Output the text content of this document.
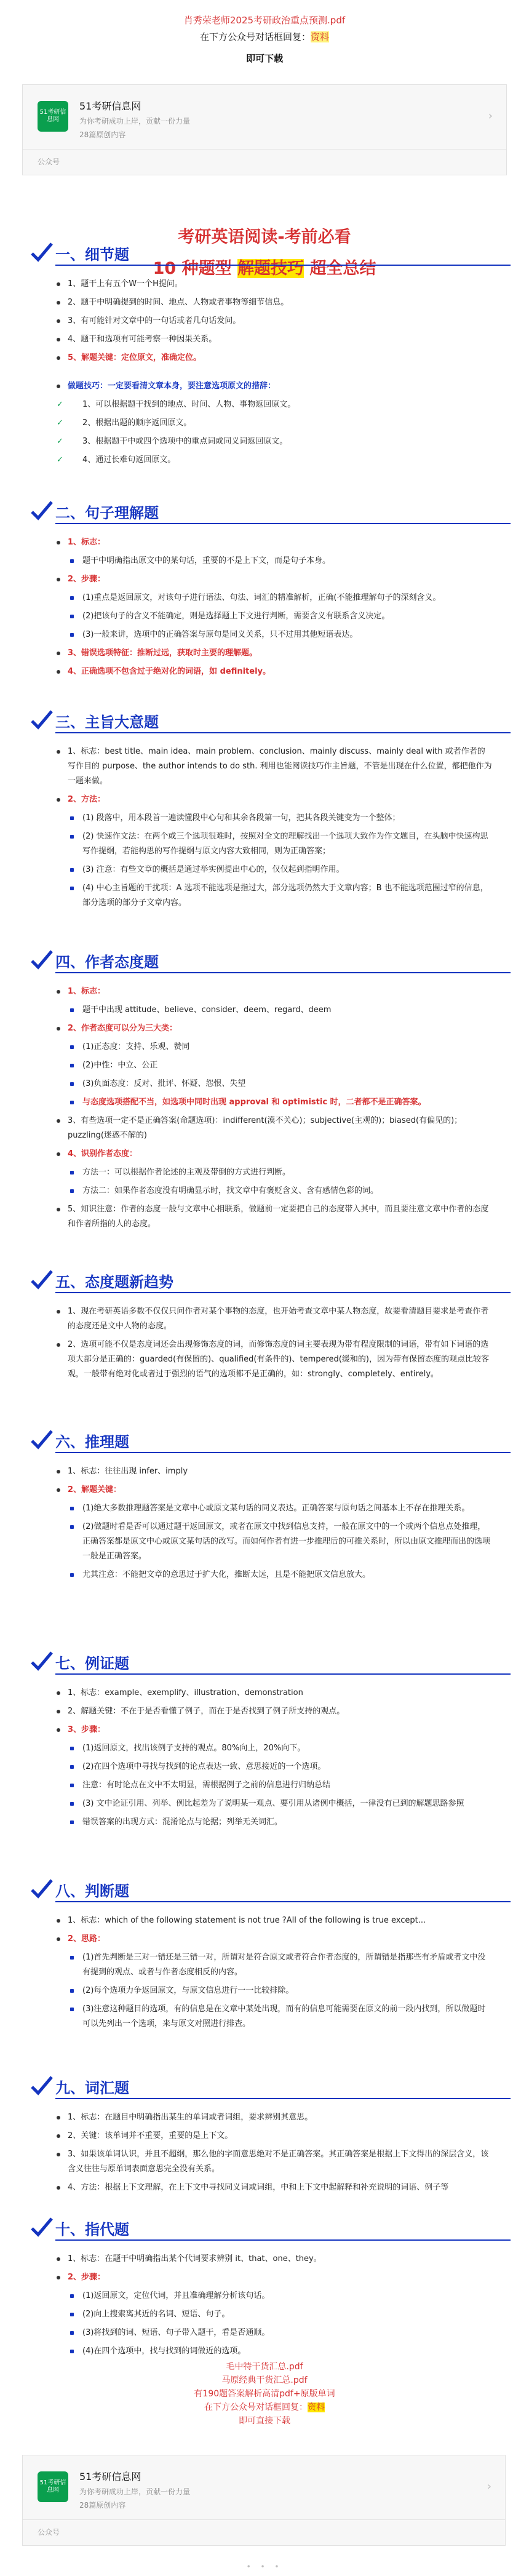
肖秀荣老师2025考研政治重点预测.pdf
在下方公众号对话框回复：资料
即可下载
51考研信息网
51考研信息网
为你考研成功上岸，贡献一份力量
28篇原创内容
›
公众号
考研英语阅读-考前必看
10 种题型 解题技巧 超全总结
一、细节题
1、题干上有五个W一个H提问。
2、题干中明确提到的时间、地点、人物或者事物等细节信息。
3、有可能针对文章中的一句话或者几句话发问。
4、题干和选项有可能考察一种因果关系。
5、解题关键：定位原文，准确定位。
做题技巧：一定要看清文章本身，要注意选项原文的措辞：
✓ 1、可以根据题干找到的地点、时间、人物、事物返回原文。
✓ 2、根据出题的顺序返回原文。
✓ 3、根据题干中或四个选项中的重点词或同义词返回原文。
✓ 4、通过长难句返回原文。
二、句子理解题
1、标志：
题干中明确指出原文中的某句话，重要的不是上下文，而是句子本身。
2、步骤：
(1)重点是返回原文，对该句子进行语法、句法、词汇的精准解析，正确(不能推理解句子的深刻含义。
(2)把该句子的含义不能确定，则是选择题上下文进行判断，需要含义有联系含义决定。
(3)一般来讲，选项中的正确答案与原句是同义关系，只不过用其他短语表达。
3、错误选项特征：推断过远，获取时主要的理解题。
4、正确选项不包含过于绝对化的词语，如 definitely。
三、主旨大意题
1、标志：best title、main idea、main problem、conclusion、mainly discuss、mainly deal with 或者作者的写作目的 purpose、the author intends to do sth. 利用也能阅读技巧作主旨题，不管是出现在什么位置，都把他作为一题来做。
2、方法：
(1) 段落中，用本段首一遍读懂段中心句和其余各段第一句，把其各段关键变为一个整体；
(2) 快速作文法：在两个或三个选项很难时，按照对全文的理解找出一个选项大致作为作文题目，在头脑中快速构思写作提纲，若能构思的写作提纲与原文内容大致相同，则为正确答案；
(3) 注意：有些文章的概括是通过举实例提出中心的，仅仅起到指明作用。
(4) 中心主旨题的干扰项：A 选项不能选项是指过大，部分选项仍然大于文章内容；B 也不能选项范围过窄的信息，部分选项的部分子文章内容。
四、作者态度题
1、标志：
题干中出现 attitude、believe、consider、deem、regard、deem
2、作者态度可以分为三大类：
(1)正态度：支持、乐观、赞同
(2)中性：中立、公正
(3)负面态度：反对、批评、怀疑、怨恨、失望
与态度选项搭配不当，如选项中同时出现 approval 和 optimistic 时，二者都不是正确答案。
3、有些选项一定不是正确答案(命题选项)：indifferent(漠不关心)；subjective(主观的)；biased(有偏见的)；puzzling(迷惑不解的)
4、识别作者态度：
方法一：可以根据作者论述的主观及带倒的方式进行判断。
方法二：如果作者态度没有明确显示时，找文章中有褒贬含义、含有感情色彩的词。
5、知识注意：作者的态度一般与文章中心相联系，做题前一定要把自己的态度带入其中，而且要注意文章中作者的态度和作者所指的人的态度。
五、态度题新趋势
1、现在考研英语多数不仅仅只问作者对某个事物的态度，也开始考查文章中某人物态度，故要看清题目要求是考查作者的态度还是文中人物的态度。
2、选项可能不仅是态度词还会出现修饰态度的词，而修饰态度的词主要表现为带有程度限制的词语，带有如下词语的选项大部分是正确的：guarded(有保留的)、qualified(有条件的)、tempered(缓和的)，因为带有保留态度的观点比较客观，一般带有绝对化或者过于强烈的语气的选项都不是正确的，如：strongly、completely、entirely。
六、推理题
1、标志：往往出现 infer、imply
2、解题关键：
(1)绝大多数推理题答案是文章中心或原文某句话的同义表达。正确答案与原句话之间基本上不存在推理关系。
(2)做题时看是否可以通过题干返回原文，或者在原文中找到信息支持，一般在原文中的一个或两个信息点处推理，正确答案都是原文中心或原文某句话的改写。而如何作者有进一步推理后的可推关系时，所以由原文推理而出的选项一般是正确答案。
尤其注意：不能把文章的意思过于扩大化，推断太远，且是不能把原文信息放大。
七、例证题
1、标志：example、exemplify、illustration、demonstration
2、解题关键：不在于是否看懂了例子，而在于是否找到了例子所支持的观点。
3、步骤：
(1)返回原文，找出该例子支持的观点。80%向上，20%向下。
(2)在四个选项中寻找与找到的论点表达一致、意思接近的一个选项。
注意：有时论点在文中不太明显，需根据例子之前的信息进行归纳总结
(3) 文中论证引用、列举、例比起差为了说明某一观点、要引用从诸例中概括，一律没有已到的解题思路参照
错误答案的出现方式：混淆论点与论据；列举无关词汇。
八、判断题
1、标志：which of the following statement is not true ?All of the following is true except...
2、思路：
(1)首先判断是三对一错还是三错一对，所谓对是符合原文或者符合作者态度的，所谓错是指那些有矛盾或者文中没有提到的观点、或者与作者态度相反的内容。
(2)每个选项力争返回原文，与原文信息进行一一比较排除。
(3)注意这种题目的选项，有的信息是在文章中某处出现，而有的信息可能需要在原文的前一段内找到，所以做题时可以先列出一个选项，来与原文对照进行排查。
九、词汇题
1、标志：在题目中明确指出某生的单词或者词组，要求辨别其意思。
2、关键：该单词并不重要，重要的是上下文。
3、如果该单词认识，并且不超纲，那么他的字面意思绝对不是正确答案。其正确答案是根据上下文得出的深层含义，该含义往往与原单词表面意思完全没有关系。
4、方法：根据上下文理解，在上下文中寻找同义词或词组，中和上下文中起解释和补充说明的词语、例子等
十、指代题
1、标志：在题干中明确指出某个代词要求辨别 it、that、one、they。
2、步骤：
(1)返回原文，定位代词，并且准确理解分析该句话。
(2)向上搜索离其近的名词、短语、句子。
(3)将找到的词、短语、句子带入题干，看是否通顺。
(4)在四个选项中，找与找到的词做近的选项。
毛中特干货汇总.pdf
马原经典干货汇总.pdf
有190题答案解析高清pdf+原版单词
在下方公众号对话框回复：资料
即可直接下载
51考研信息网
51考研信息网
为你考研成功上岸，贡献一份力量
28篇原创内容
›
公众号
• • •
